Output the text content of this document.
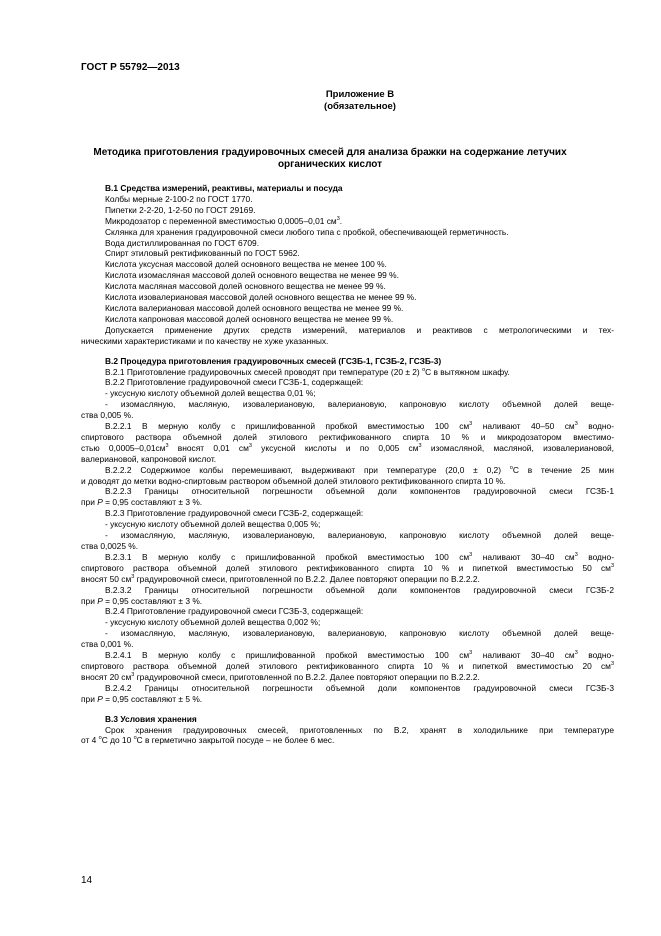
ГОСТ Р 55792—2013
Приложение В
(обязательное)
Методика приготовления градуировочных смесей для анализа бражки на содержание летучих
органических кислот

В.1 Средства измерений, реактивы, материалы и посуда

Колбы мерные 2-100-2 по ГОСТ 1770.

Пипетки 2-2-20, 1-2-50 по ГОСТ 29169.

Микродозатор с переменной вместимостью 0,0005–0,01 $см^3$.

Склянка для хранения градуировочной смеси любого типа с пробкой, обеспечивающей герметичность.

Вода дистиллированная по ГОСТ 6709.

Спирт этиловый ректификованный по ГОСТ 5962.

Кислота уксусная массовой долей основного вещества не менее 100 %.

Кислота изомасляная массовой долей основного вещества не менее 99 %.

Кислота масляная массовой долей основного вещества не менее 99 %.

Кислота изовалериановая массовой долей основного вещества не менее 99 %.

Кислота валериановая массовой долей основного вещества не менее 99 %.

Кислота капроновая массовой долей основного вещества не менее 99 %.

Допускается применение других средств измерений, материалов и реактивов с метрологическими и тех-

ническими характеристиками и по качеству не хуже указанных.

В.2 Процедура приготовления градуировочных смесей (ГСЗБ-1, ГСЗБ-2, ГСЗБ-3)

В.2.1 Приготовление градуировочных смесей проводят при температуре (20 ± 2) $^о$С в вытяжном шкафу.

В.2.2 Приготовление градуировочной смеси ГСЗБ-1, содержащей:

- уксусную кислоту объемной долей вещества 0,01 %;

- изомасляную, масляную, изовалериановую, валериановую, капроновую кислоту объемной долей веще-

ства 0,005 %.

В.2.2.1 В мерную колбу с пришлифованной пробкой вместимостью 100 $см^3$ наливают 40–50 $см^3$ водно-

спиртового раствора объемной долей этилового ректификованного спирта 10 % и микродозатором вместимо-

стью $0,0005-0,01см^3$ вносят 0,01 $см^3$ уксусной кислоты и по 0,005 $см^3$ изомасляной, масляной, изовалериановой,

валериановой, капроновой кислот.

В.2.2.2 Содержимое колбы перемешивают, выдерживают при температуре (20,0 ± 0,2) $^о$С в течение 25 мин

и доводят до метки водно-спиртовым раствором объемной долей этилового ректификованного спирта 10 %.

В.2.2.3 Границы относительной погрешности объемной доли компонентов градуировочной смеси ГСЗБ-1

при Р = 0,95 составляют ± 3 %.

В.2.3 Приготовление градуировочной смеси ГСЗБ-2, содержащей:

- уксусную кислоту объемной долей вещества 0,005 %;

- изомасляную, масляную, изовалериановую, валериановую, капроновую кислоту объемной долей веще-

ства 0,0025 %.

В.2.3.1 В мерную колбу с пришлифованной пробкой вместимостью 100 $см^3$ наливают 30–40 $см^3$ водно-

спиртового раствора объемной долей этилового ректификованного спирта 10 % и пипеткой вместимостью 50 $см^3$

вносят 50 $см^3$ градуировочной смеси, приготовленной по В.2.2. Далее повторяют операции по В.2.2.2.

В.2.3.2 Границы относительной погрешности объемной доли компонентов градуировочной смеси ГСЗБ-2

при Р = 0,95 составляют ± 3 %.

В.2.4 Приготовление градуировочной смеси ГСЗБ-3, содержащей:

- уксусную кислоту объемной долей вещества 0,002 %;

- изомасляную, масляную, изовалериановую, валериановую, капроновую кислоту объемной долей веще-

ства 0,001 %.

В.2.4.1 В мерную колбу с пришлифованной пробкой вместимостью 100 $см^3$ наливают 30–40 $см^3$ водно-

спиртового раствора объемной долей этилового ректификованного спирта 10 % и пипеткой вместимостью 20 $см^3$

вносят 20 $см^3$ градуировочной смеси, приготовленной по В.2.2. Далее повторяют операции по В.2.2.2.

В.2.4.2 Границы относительной погрешности объемной доли компонентов градуировочной смеси ГСЗБ-3

при Р = 0,95 составляют ± 5 %.

В.3 Условия хранения

Срок хранения градуировочных смесей, приготовленных по В.2, хранят в холодильнике при температуре

от 4 $^о$С до 10 $^о$С в герметично закрытой посуде – не более 6 мес.

14
